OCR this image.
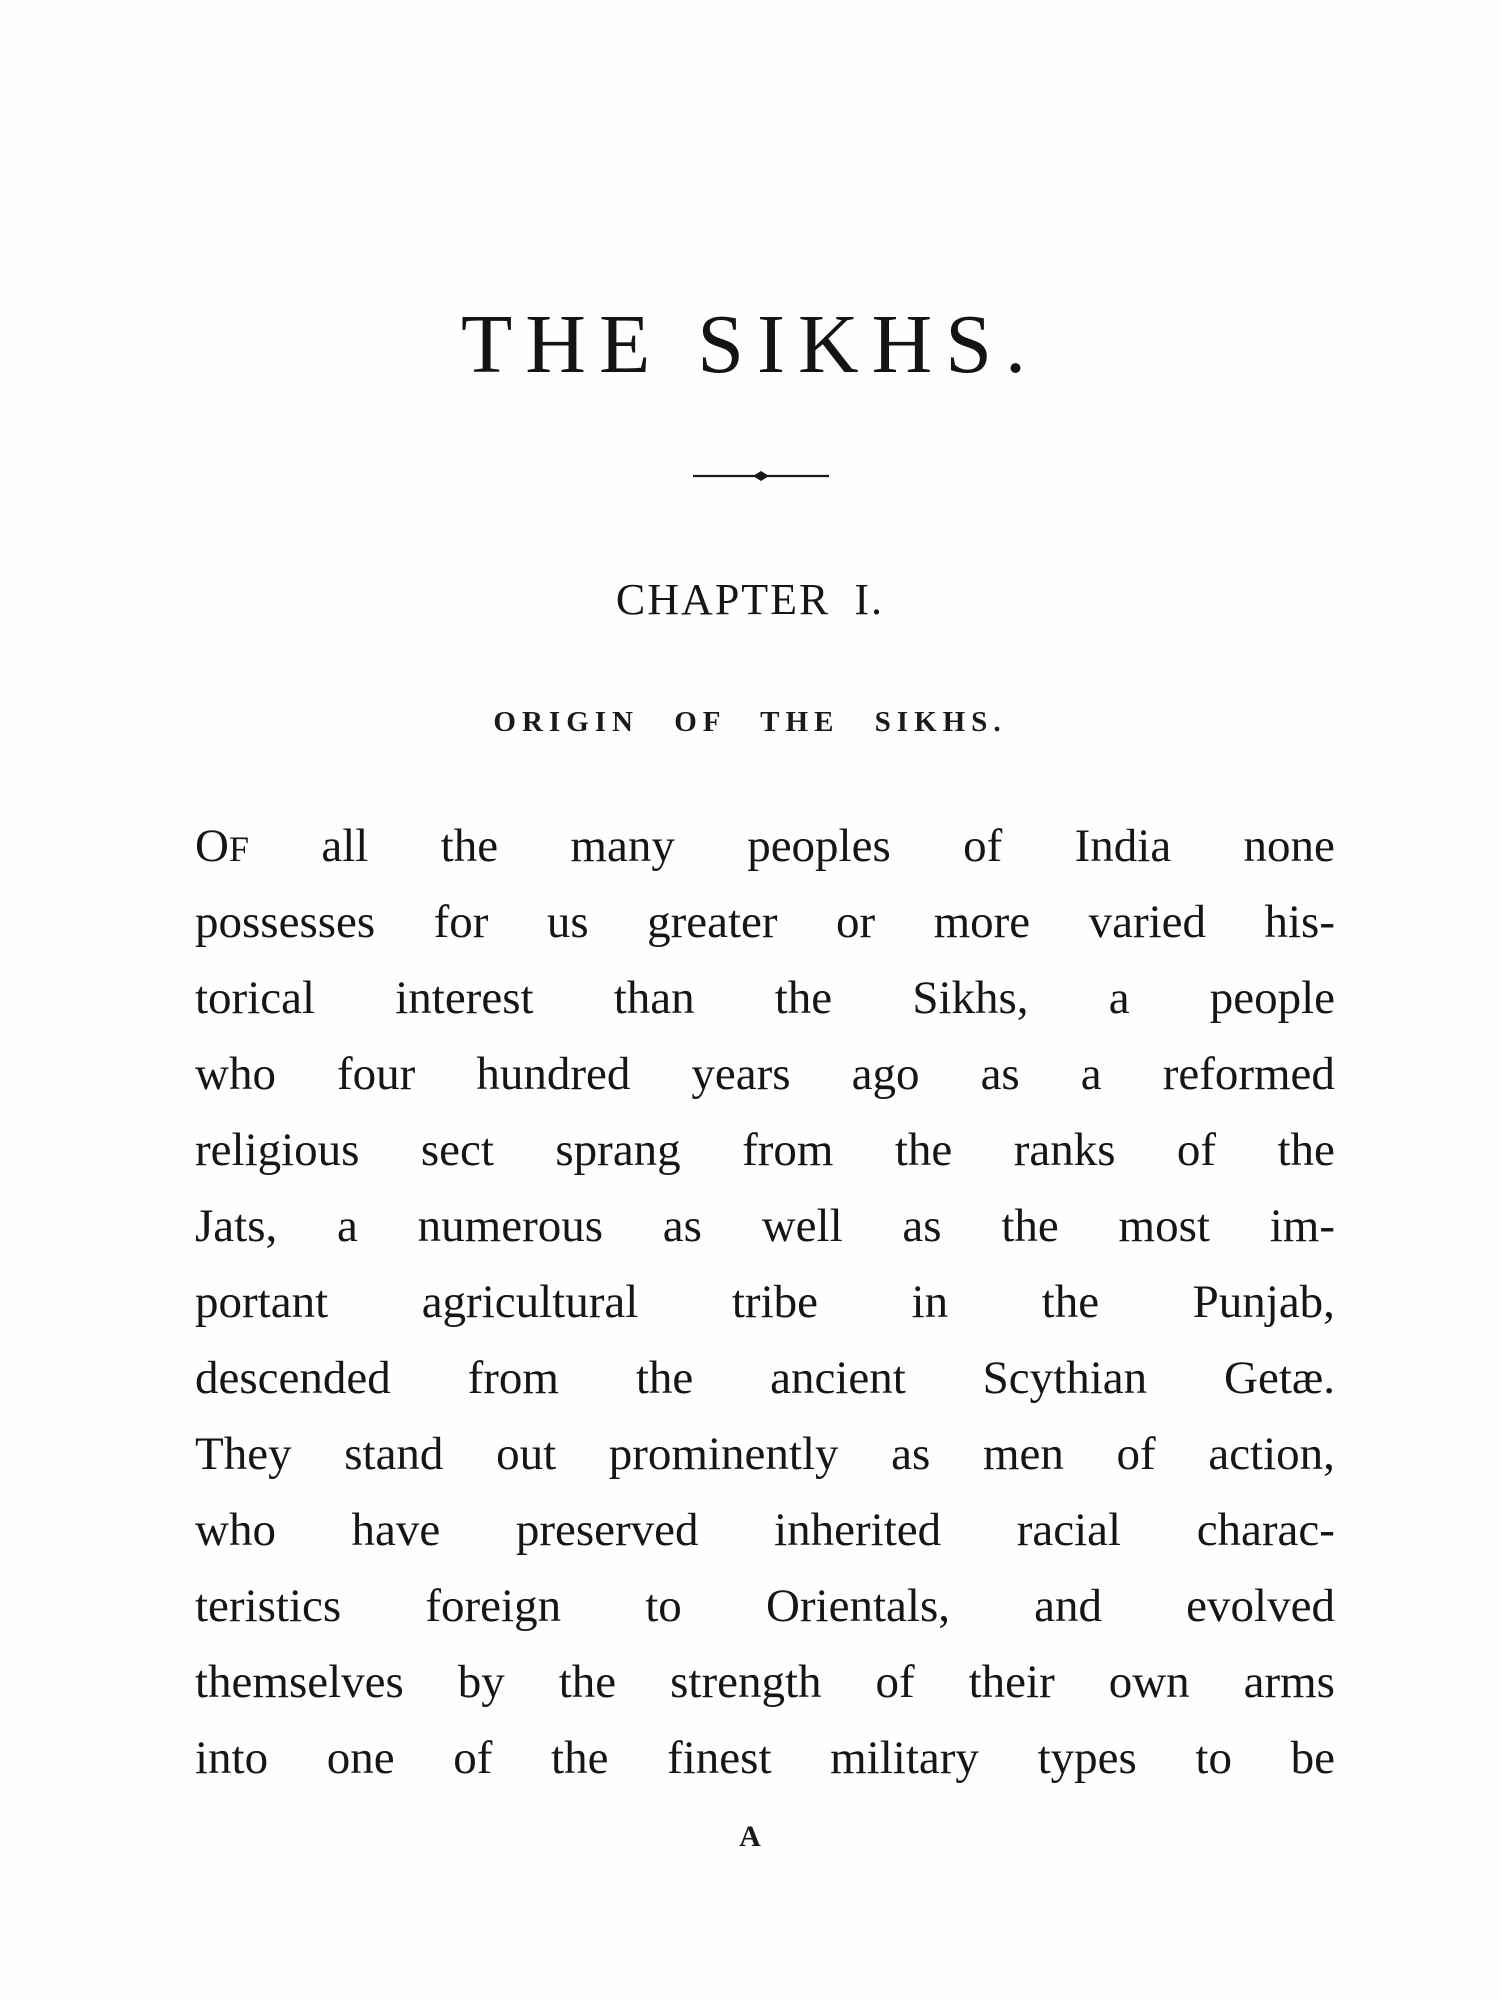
THE SIKHS.
CHAPTER I.
ORIGIN OF THE SIKHS.
OF all the many peoples of India none
possesses for us greater or more varied his-
torical interest than the Sikhs, a people
who four hundred years ago as a reformed
religious sect sprang from the ranks of the
Jats, a numerous as well as the most im-
portant agricultural tribe in the Punjab,
descended from the ancient Scythian Getæ.
They stand out prominently as men of action,
who have preserved inherited racial charac-
teristics foreign to Orientals, and evolved
themselves by the strength of their own arms
into one of the finest military types to be
A
